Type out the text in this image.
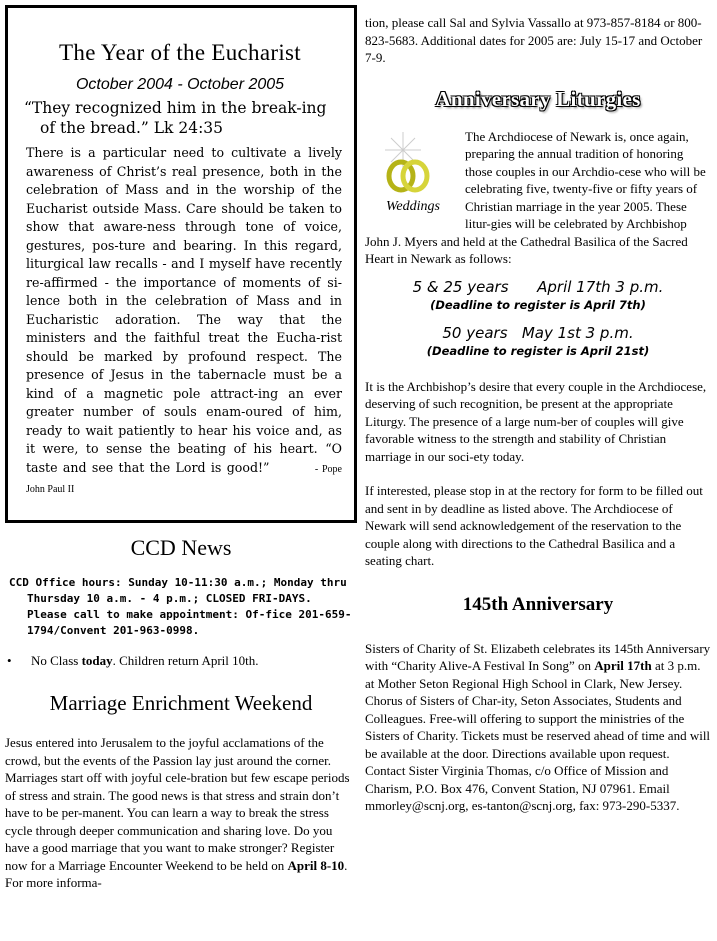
The Year of the Eucharist

October 2004 - October 2005

“They recognized him in the break-ing of the bread.” Lk 24:35

There is a particular need to cultivate a lively awareness of Christ’s real presence, both in the celebration of Mass and in the worship of the Eucharist outside Mass. Care should be taken to show that aware-ness through tone of voice, gestures, pos-ture and bearing. In this regard, liturgical law recalls - and I myself have recently re-affirmed - the importance of moments of si-lence both in the celebration of Mass and in Eucharistic adoration. The way that the ministers and the faithful treat the Eucha-rist should be marked by profound respect. The presence of Jesus in the tabernacle must be a kind of a magnetic pole attract-ing an ever greater number of souls enam-oured of him, ready to wait patiently to hear his voice and, as it were, to sense the beating of his heart. “O taste and see that the Lord is good!”	- Pope John Paul II
CCD News

CCD Office hours: Sunday 10-11:30 a.m.; Monday thru Thursday 10 a.m. - 4 p.m.; CLOSED FRI-DAYS. Please call to make appointment: Of-fice 201-659-1794/Convent 201-963-0998.

•	No Class today. Children return April 10th.
Marriage Enrichment Weekend

Jesus entered into Jerusalem to the joyful acclamations of the crowd, but the events of the Passion lay just around the corner. Marriages start off with joyful cele-bration but few escape periods of stress and strain. The good news is that stress and strain don’t have to be per-manent. You can learn a way to break the stress cycle through deeper communication and sharing love. Do you have a good marriage that you want to make stronger? Register now for a Marriage Encounter Weekend to be held on April 8-10. For more informa-

tion, please call Sal and Sylvia Vassallo at 973-857-8184 or 800-823-5683. Additional dates for 2005 are: July 15-17 and October 7-9.

Anniversary Liturgies
Weddings

The Archdiocese of Newark is, once again, preparing the annual tradition of honoring those couples in our Archdio-cese who will be celebrating five, twenty-five or fifty years of Christian marriage in the year 2005. These litur-gies will be celebrated by Archbishop John J. Myers and held at the Cathedral Basilica of the Sacred Heart in Newark as follows:

5 & 25 years      April 17th 3 p.m.

(Deadline to register is April 7th)

50 years   May 1st 3 p.m.

(Deadline to register is April 21st)

It is the Archbishop’s desire that every couple in the Archdiocese, deserving of such recognition, be present at the appropriate Liturgy. The presence of a large num-ber of couples will give favorable witness to the strength and stability of Christian marriage in our soci-ety today.

If interested, please stop in at the rectory for form to be filled out and sent in by deadline as listed above. The Archdiocese of Newark will send acknowledgement of the reservation to the couple along with directions to the Cathedral Basilica and a seating chart.

145th Anniversary

Sisters of Charity of St. Elizabeth celebrates its 145th Anniversary with “Charity Alive-A Festival In Song” on April 17th at 3 p.m. at Mother Seton Regional High School in Clark, New Jersey. Chorus of Sisters of Char-ity, Seton Associates, Students and Colleagues. Free-will offering to support the ministries of the Sisters of Charity. Tickets must be reserved ahead of time and will be available at the door. Directions available upon request. Contact Sister Virginia Thomas, c/o Office of Mission and Charism, P.O. Box 476, Convent Station, NJ 07961. Email mmorley@scnj.org, es-tanton@scnj.org, fax: 973-290-5337.
